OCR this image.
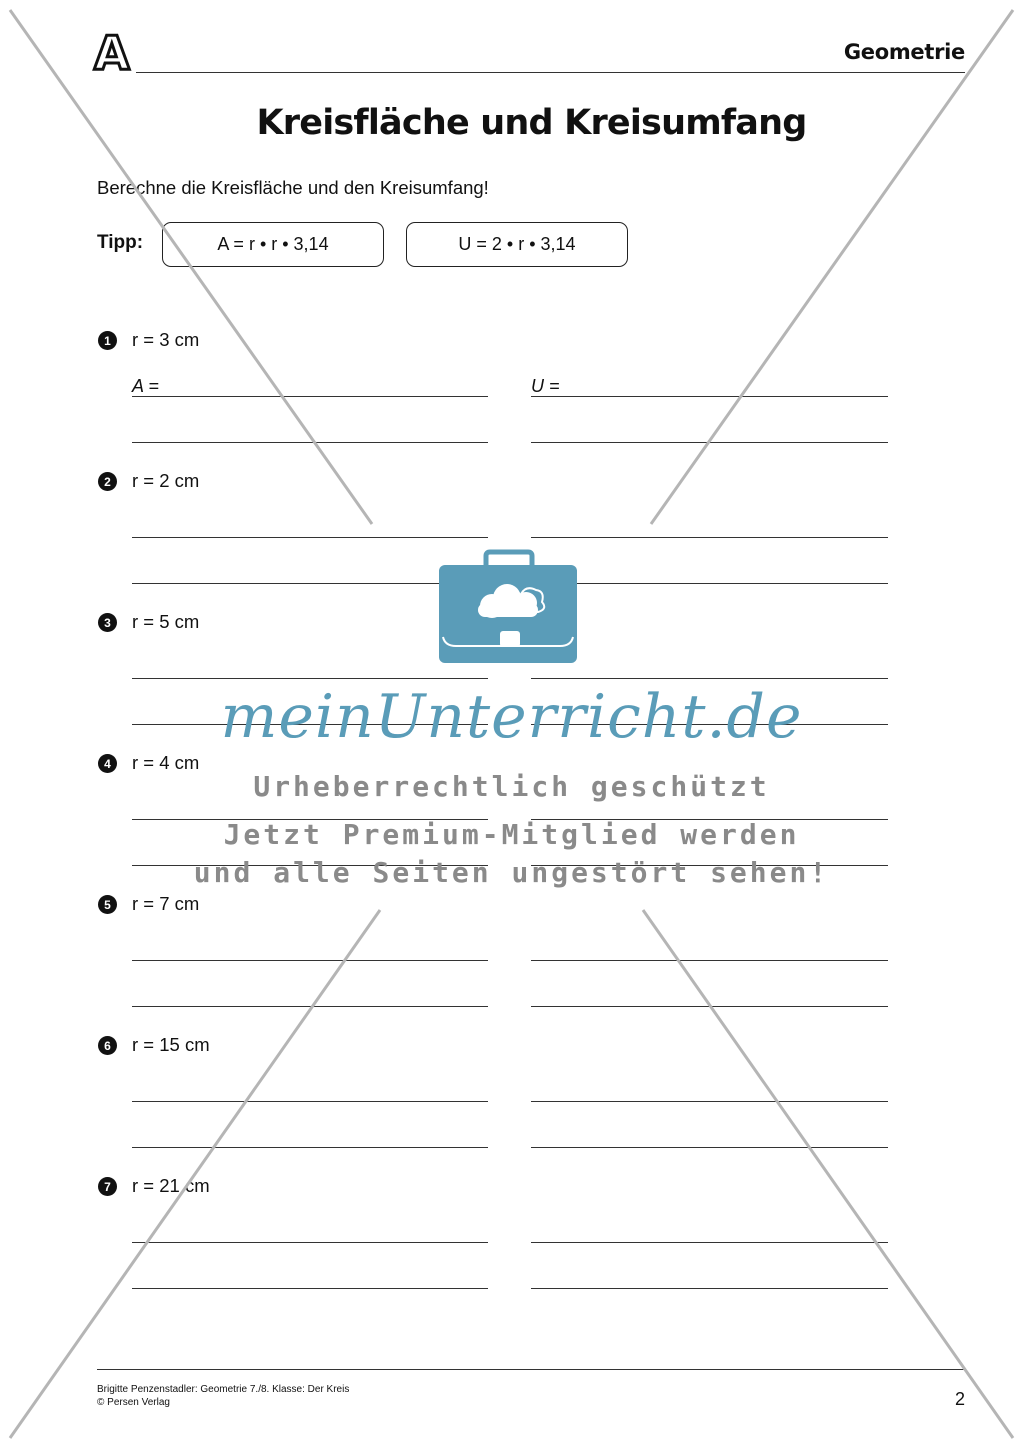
A	Geometrie
Kreisfläche und Kreisumfang
Berechne die Kreisfläche und den Kreisumfang!
Tipp:	A = r • r • 3,14	U = 2 • r • 3,14
1	r = 3 cm
A =	U =
2	r = 2 cm
3	r = 5 cm
4	r = 4 cm
5	r = 7 cm
6	r = 15 cm
7	r = 21 cm
Brigitte Penzenstadler: Geometrie 7./8. Klasse: Der Kreis
© Persen Verlag	2
meinUnterricht.de
Urheberrechtlich geschützt
Jetzt Premium-Mitglied werden
und alle Seiten ungestört sehen!
